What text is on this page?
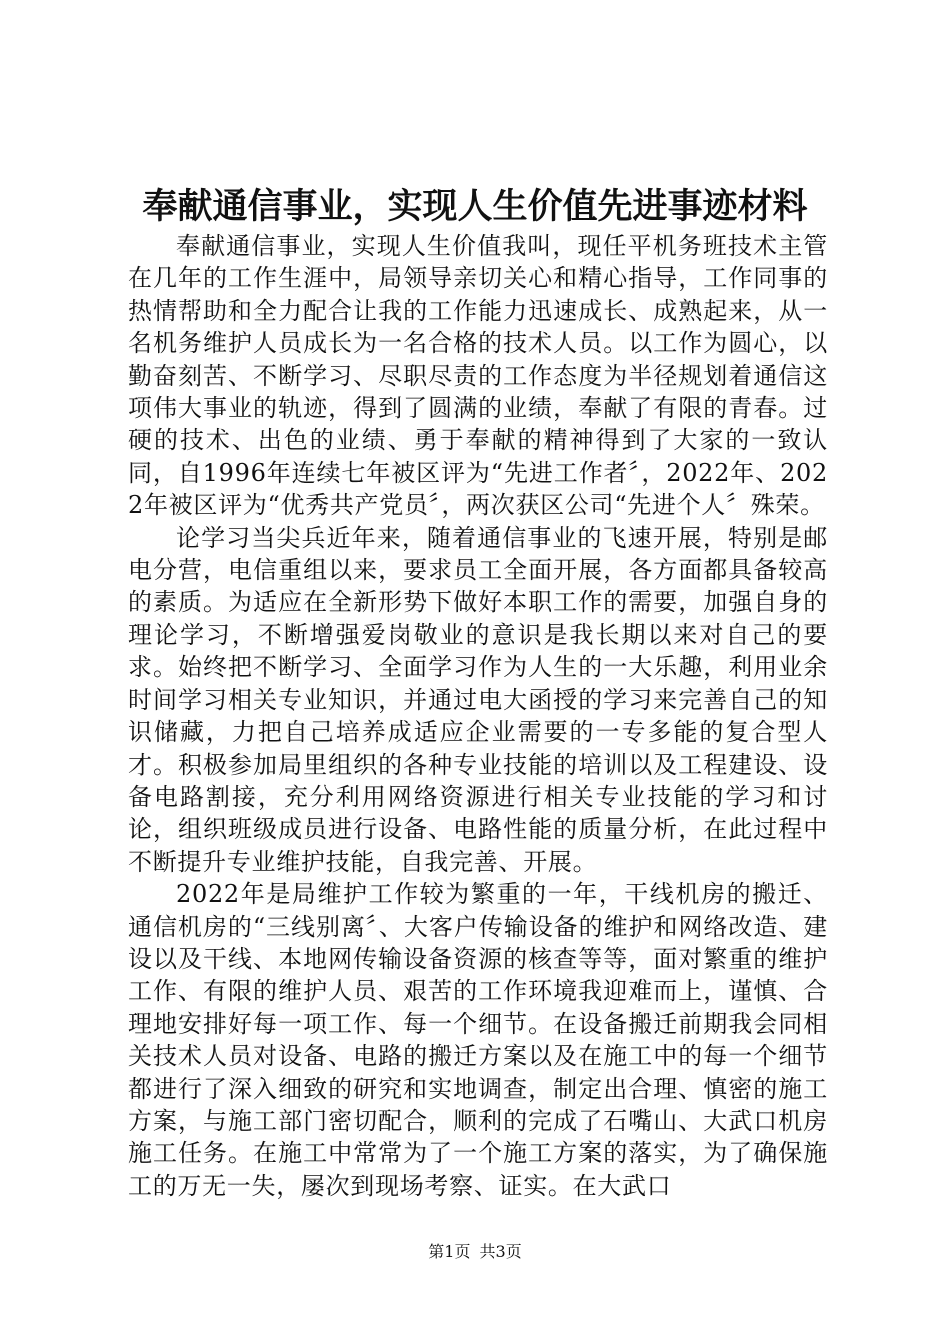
奉献通信事业，实现人生价值先进事迹材料

奉献通信事业，实现人生价值我叫，现任平机务班技术主管在几年的工作生涯中，局领导亲切关心和精心指导，工作同事的热情帮助和全力配合让我的工作能力迅速成长、成熟起来，从一名机务维护人员成长为一名合格的技术人员。以工作为圆心，以勤奋刻苦、不断学习、尽职尽责的工作态度为半径规划着通信这项伟大事业的轨迹，得到了圆满的业绩，奉献了有限的青春。过硬的技术、出色的业绩、勇于奉献的精神得到了大家的一致认同，自1996年连续七年被区评为“先进工作者〞，2022年、2022年被区评为“优秀共产党员〞，两次获区公司“先进个人〞殊荣。

论学习当尖兵近年来，随着通信事业的飞速开展，特别是邮电分营，电信重组以来，要求员工全面开展，各方面都具备较高的素质。为适应在全新形势下做好本职工作的需要，加强自身的理论学习，不断增强爱岗敬业的意识是我长期以来对自己的要求。始终把不断学习、全面学习作为人生的一大乐趣，利用业余时间学习相关专业知识，并通过电大函授的学习来完善自己的知识储藏，力把自己培养成适应企业需要的一专多能的复合型人才。积极参加局里组织的各种专业技能的培训以及工程建设、设备电路割接，充分利用网络资源进行相关专业技能的学习和讨论，组织班级成员进行设备、电路性能的质量分析，在此过程中不断提升专业维护技能，自我完善、开展。

2022年是局维护工作较为繁重的一年，干线机房的搬迁、通信机房的“三线别离〞、大客户传输设备的维护和网络改造、建设以及干线、本地网传输设备资源的核查等等，面对繁重的维护工作、有限的维护人员、艰苦的工作环境我迎难而上，谨慎、合理地安排好每一项工作、每一个细节。在设备搬迁前期我会同相关技术人员对设备、电路的搬迁方案以及在施工中的每一个细节都进行了深入细致的研究和实地调查，制定出合理、慎密的施工方案，与施工部门密切配合，顺利的完成了石嘴山、大武口机房施工任务。在施工中常常为了一个施工方案的落实，为了确保施工的万无一失，屡次到现场考察、证实。在大武口

第1页 共3页
